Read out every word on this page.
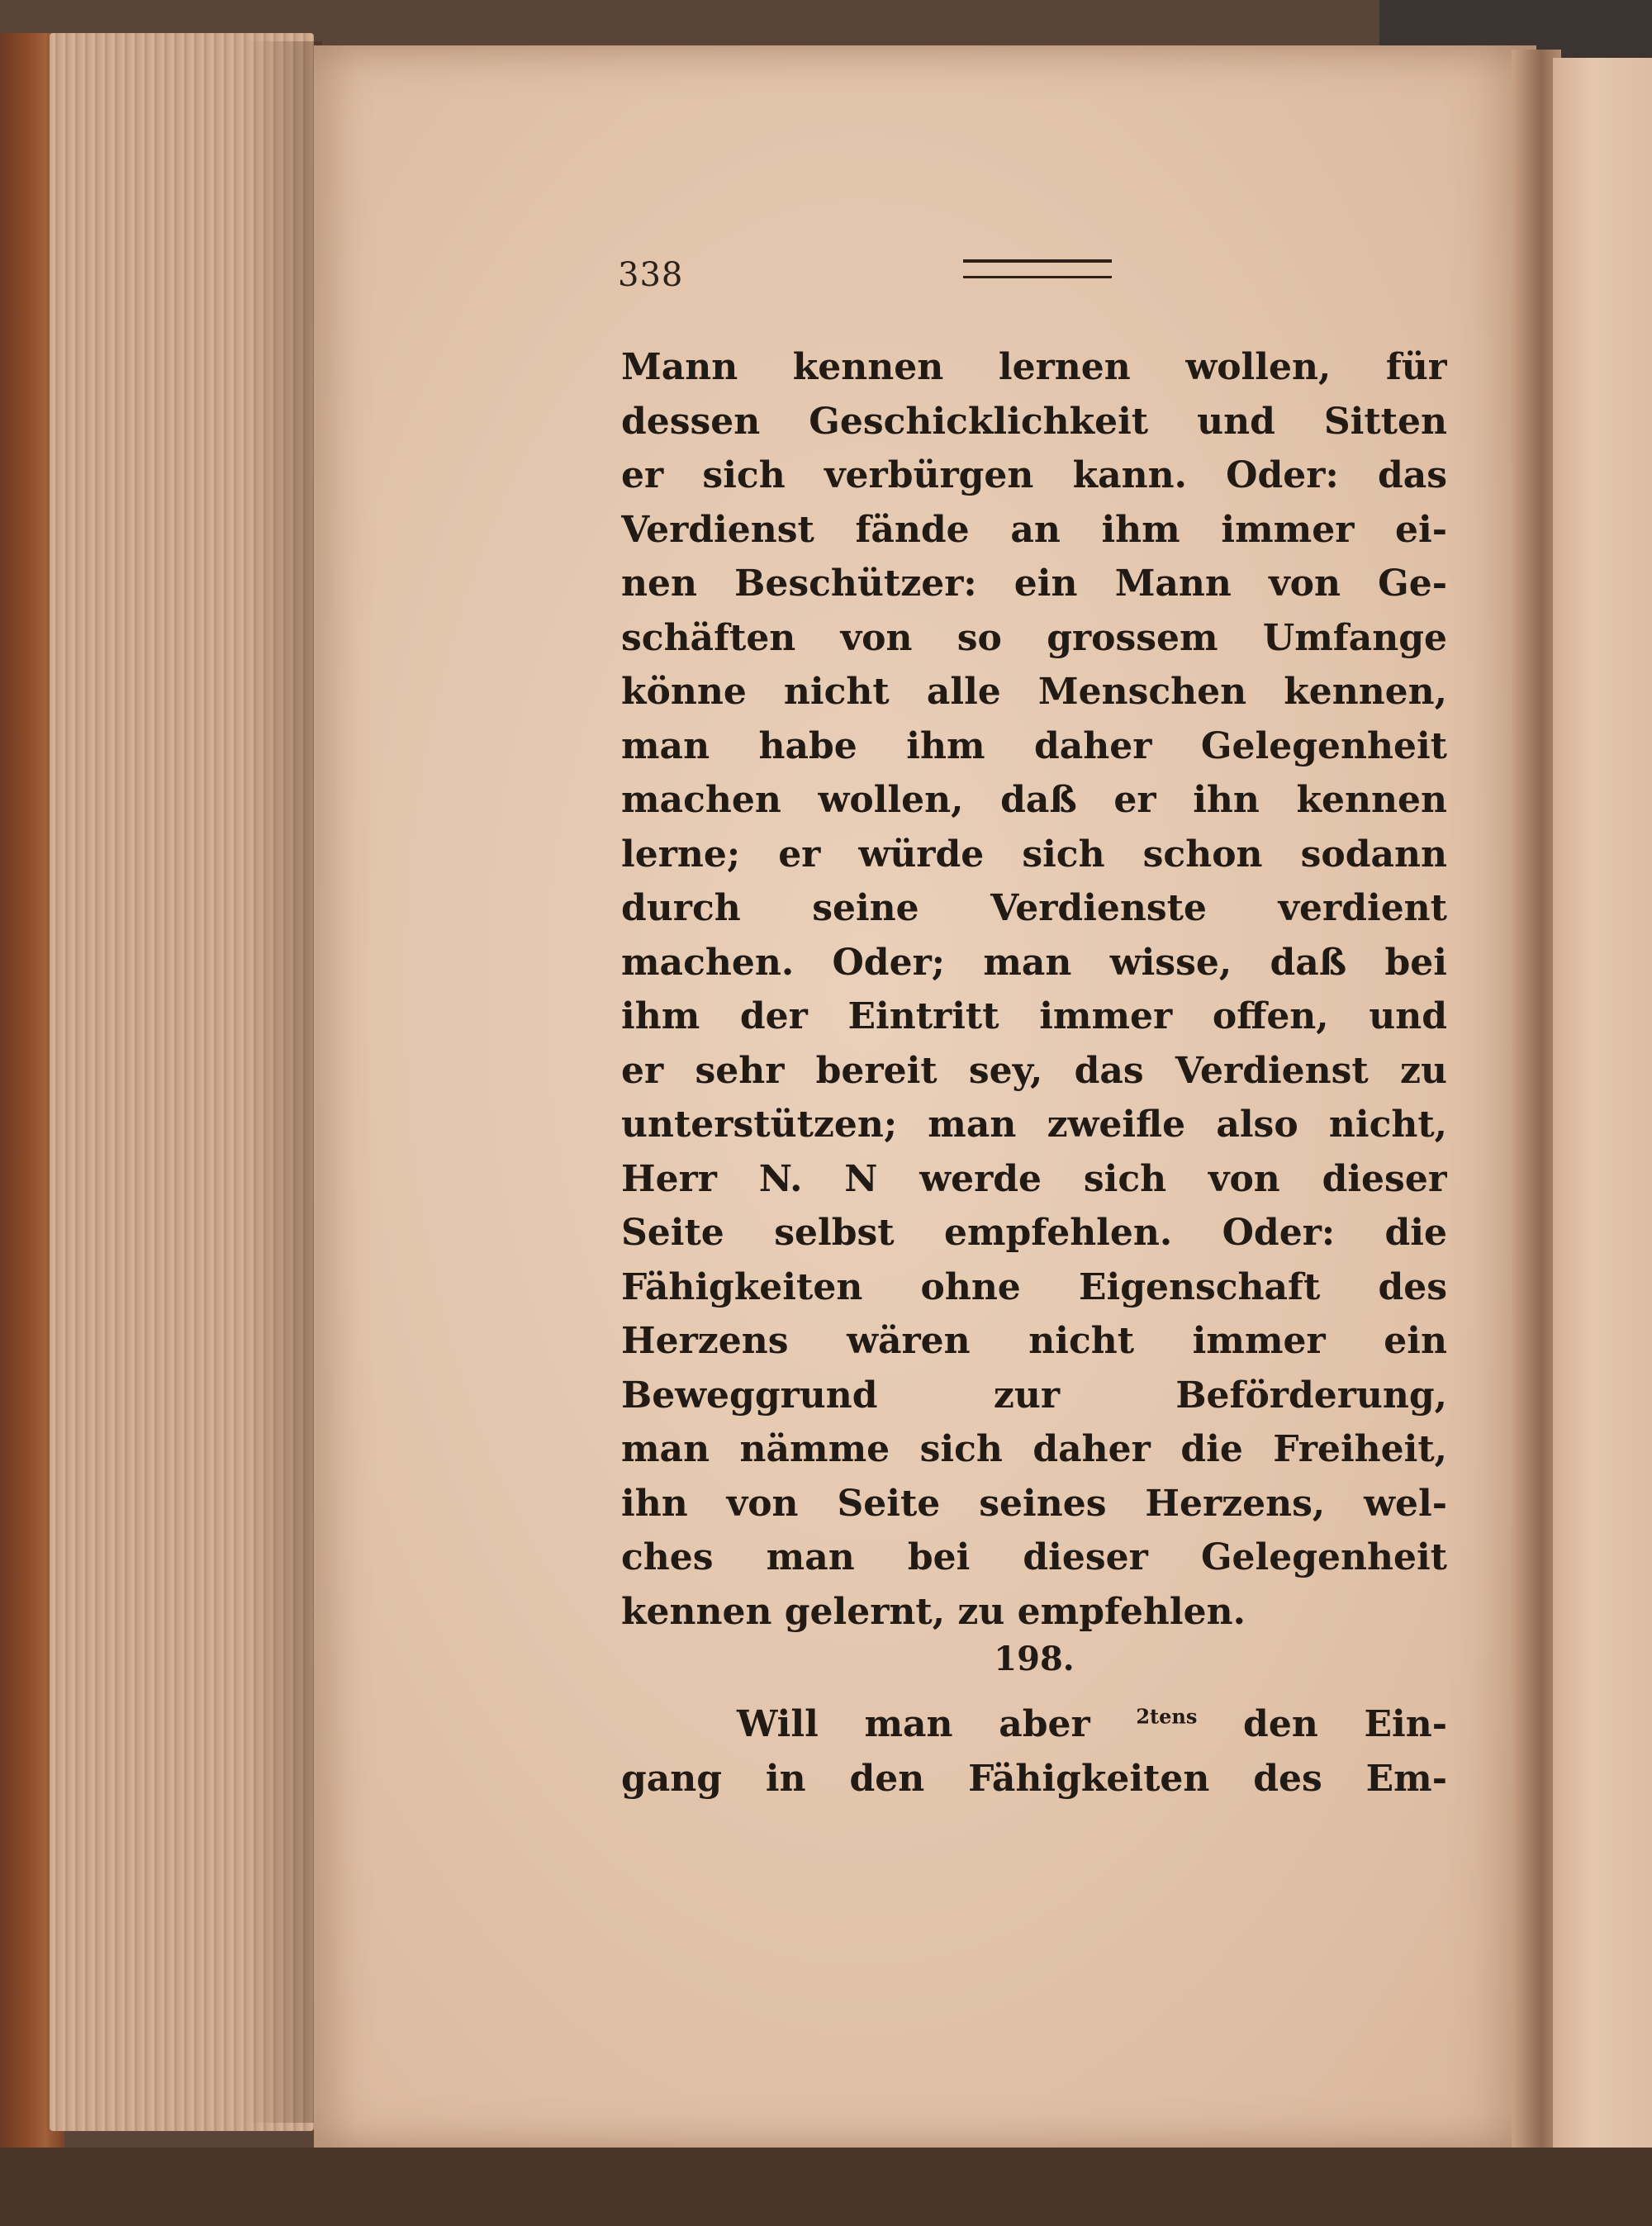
338
Mann kennen lernen wollen, für
dessen Geschicklichkeit und Sitten
er sich verbürgen kann. Oder: das
Verdienst fände an ihm immer ei-
nen Beschützer: ein Mann von Ge-
schäften von so grossem Umfange
könne nicht alle Menschen kennen,
man habe ihm daher Gelegenheit
machen wollen, daß er ihn kennen
lerne; er würde sich schon sodann
durch seine Verdienste verdient
machen. Oder; man wisse, daß bei
ihm der Eintritt immer offen, und
er sehr bereit sey, das Verdienst zu
unterstützen; man zweifle also nicht,
Herr N. N werde sich von dieser
Seite selbst empfehlen. Oder: die
Fähigkeiten ohne Eigenschaft des
Herzens wären nicht immer ein
Beweggrund zur Beförderung,
man nämme sich daher die Freiheit,
ihn von Seite seines Herzens, wel-
ches man bei dieser Gelegenheit
kennen gelernt, zu empfehlen.
198.
Will man aber $^{2tens}$ den Ein-
gang in den Fähigkeiten des Em-
